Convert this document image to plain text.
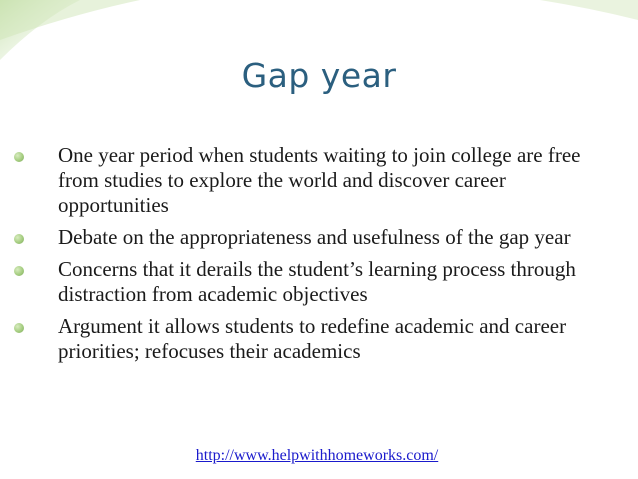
Gap year
One year period when students waiting to join college are free from studies to explore the world and discover career opportunities
Debate on the appropriateness and usefulness of the gap year
Concerns that it derails the student’s learning process through distraction from academic objectives
Argument it allows students to redefine academic and career priorities; refocuses their academics
http://www.helpwithhomeworks.com/
